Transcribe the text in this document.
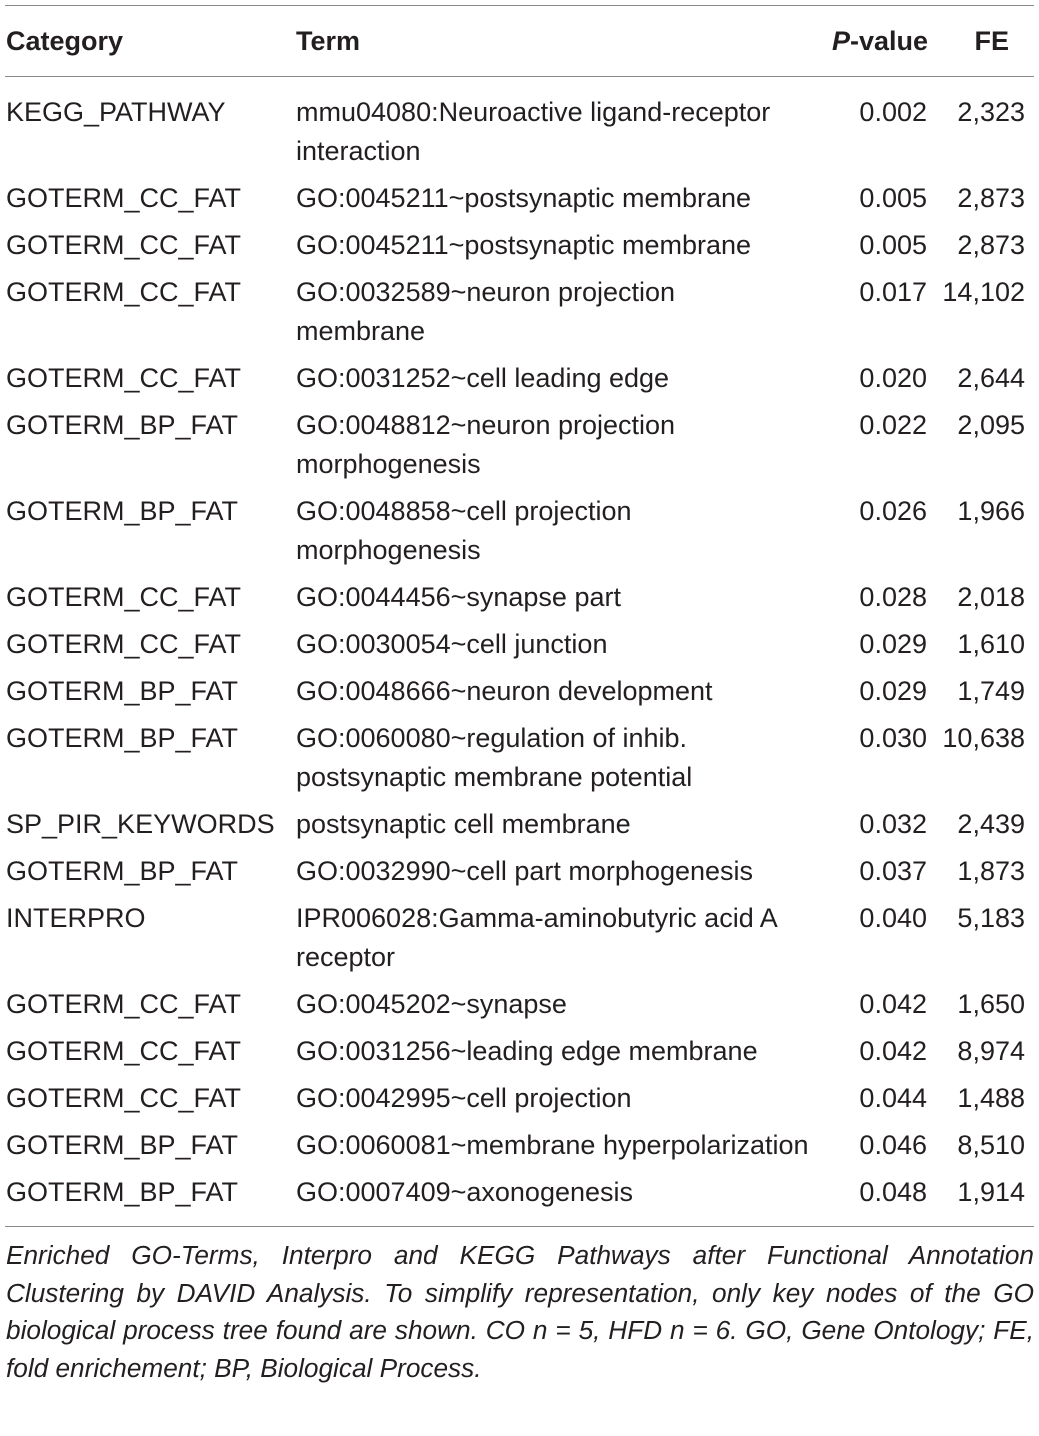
Category	Term	P-value	FE
KEGG_PATHWAY	mmu04080:Neuroactive ligand-receptor interaction	0.002	2,323
GOTERM_CC_FAT	GO:0045211~postsynaptic membrane	0.005	2,873
GOTERM_CC_FAT	GO:0045211~postsynaptic membrane	0.005	2,873
GOTERM_CC_FAT	GO:0032589~neuron projection membrane	0.017	14,102
GOTERM_CC_FAT	GO:0031252~cell leading edge	0.020	2,644
GOTERM_BP_FAT	GO:0048812~neuron projection morphogenesis	0.022	2,095
GOTERM_BP_FAT	GO:0048858~cell projection morphogenesis	0.026	1,966
GOTERM_CC_FAT	GO:0044456~synapse part	0.028	2,018
GOTERM_CC_FAT	GO:0030054~cell junction	0.029	1,610
GOTERM_BP_FAT	GO:0048666~neuron development	0.029	1,749
GOTERM_BP_FAT	GO:0060080~regulation of inhib. postsynaptic membrane potential	0.030	10,638
SP_PIR_KEYWORDS	postsynaptic cell membrane	0.032	2,439
GOTERM_BP_FAT	GO:0032990~cell part morphogenesis	0.037	1,873
INTERPRO	IPR006028:Gamma-aminobutyric acid A receptor	0.040	5,183
GOTERM_CC_FAT	GO:0045202~synapse	0.042	1,650
GOTERM_CC_FAT	GO:0031256~leading edge membrane	0.042	8,974
GOTERM_CC_FAT	GO:0042995~cell projection	0.044	1,488
GOTERM_BP_FAT	GO:0060081~membrane hyperpolarization	0.046	8,510
GOTERM_BP_FAT	GO:0007409~axonogenesis	0.048	1,914
Enriched GO-Terms, Interpro and KEGG Pathways after Functional Annotation Clustering by DAVID Analysis. To simplify representation, only key nodes of the GO biological process tree found are shown. CO n = 5, HFD n = 6. GO, Gene Ontology; FE, fold enrichement; BP, Biological Process.			
